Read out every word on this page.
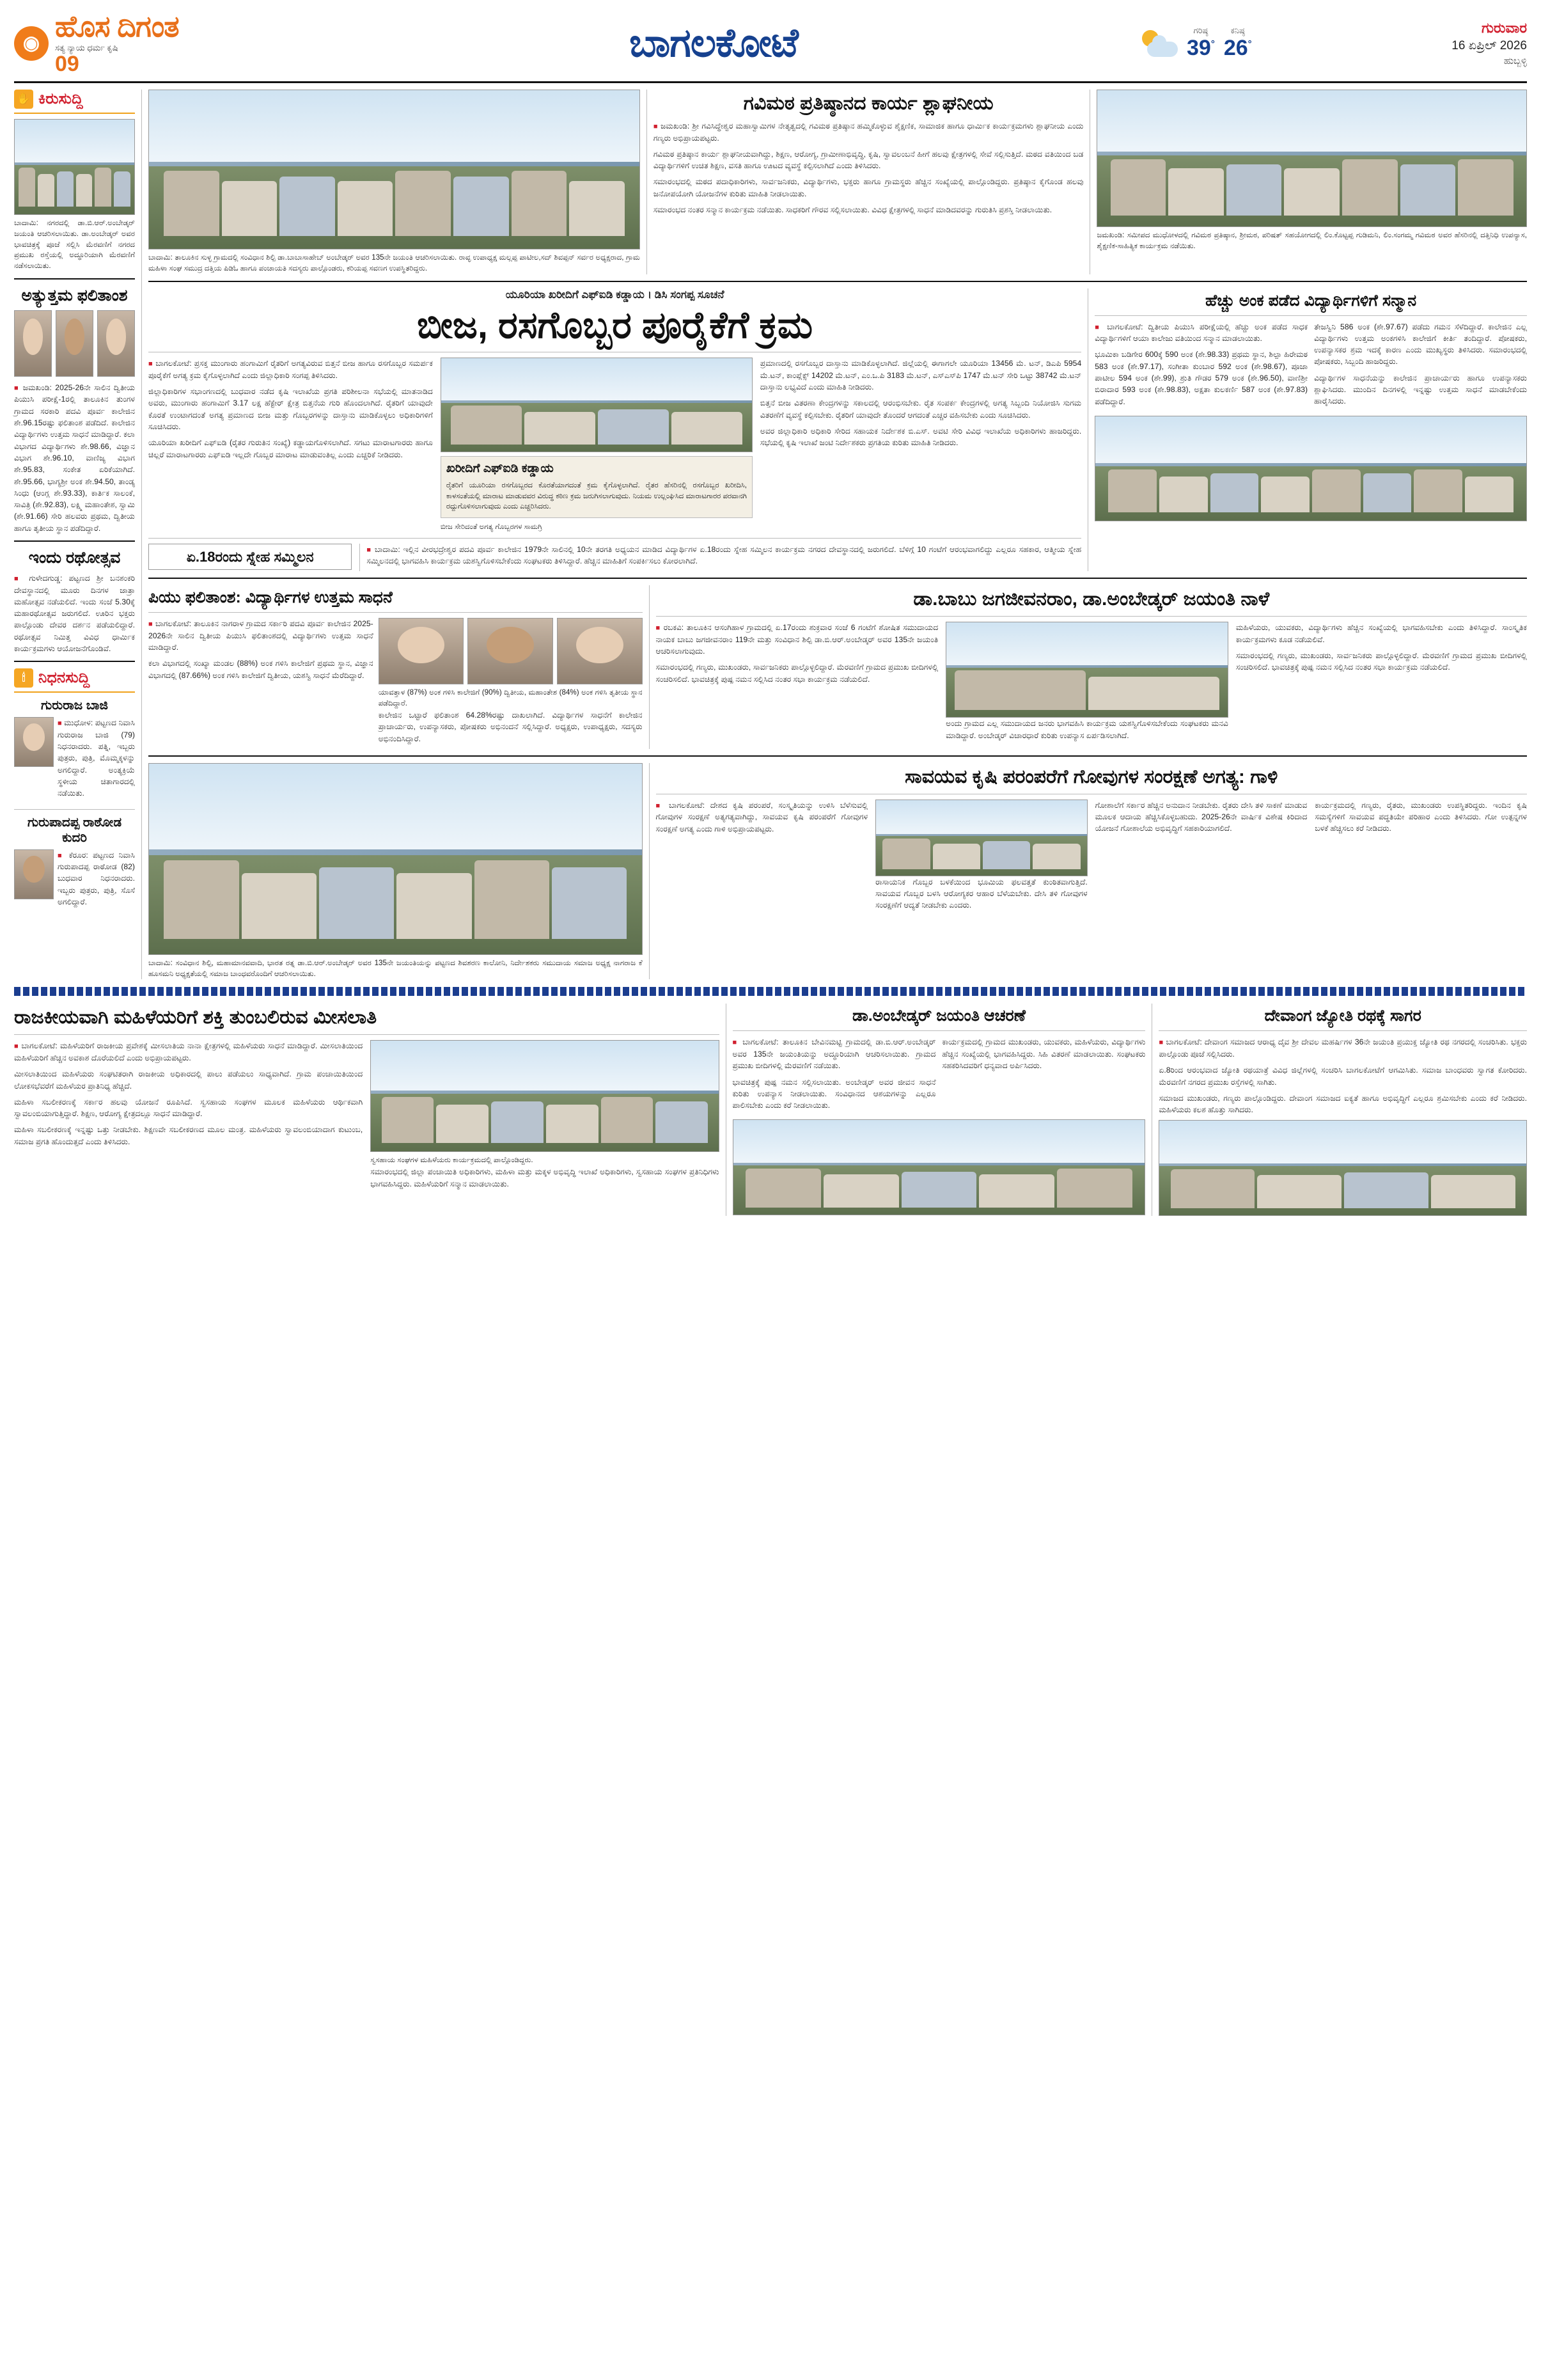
◉
ಹೊಸ ದಿಗಂತ
ಸತ್ಯ ನ್ಯಾಯ ಧರ್ಮ ಕೃಷಿ
09	ಬಾಗಲಕೋಟೆ	ಗರಿಷ್ಠ
39°
ಕನಿಷ್ಠ
26°
ಗುರುವಾರ
16 ಏಪ್ರಿಲ್ 2026
ಹುಬ್ಬಳ್ಳಿ
✋ ಕಿರುಸುದ್ದಿ
ಬಾದಾಮಿ: ನಗರದಲ್ಲಿ ಡಾ.ಬಿ.ಆರ್.ಅಂಬೇಡ್ಕರ್ ಜಯಂತಿ ಆಚರಿಸಲಾಯಿತು. ಡಾ.ಅಂಬೇಡ್ಕರ್ ಅವರ ಭಾವಚಿತ್ರಕ್ಕೆ ಪೂಜೆ ಸಲ್ಲಿಸಿ ಮೆರವಣಿಗೆ ನಗರದ ಪ್ರಮುಖ ರಸ್ತೆಯಲ್ಲಿ ಅದ್ಧೂರಿಯಾಗಿ ಮೆರವಣಿಗೆ ನಡೆಸಲಾಯಿತು.
ಅತ್ಯುತ್ತಮ ಫಲಿತಾಂಶ

■ ಜಮಖಂಡಿ: 2025-26ನೇ ಸಾಲಿನ ದ್ವಿತೀಯ ಪಿಯುಸಿ ಪರೀಕ್ಷೆ-1ರಲ್ಲಿ ತಾಲೂಕಿನ ತುಂಗಳ ಗ್ರಾಮದ ಸರಕಾರಿ ಪದವಿ ಪೂರ್ವ ಕಾಲೇಜಿನ ಶೇ.96.15ರಷ್ಟು ಫಲಿತಾಂಶ ಪಡೆದಿದೆ. ಕಾಲೇಜಿನ ವಿದ್ಯಾರ್ಥಿಗಳು ಉತ್ತಮ ಸಾಧನೆ ಮಾಡಿದ್ದಾರೆ. ಕಲಾ ವಿಭಾಗದ ವಿದ್ಯಾರ್ಥಿಗಳು ಶೇ.98.66, ವಿಜ್ಞಾನ ವಿಭಾಗ ಶೇ.96.10, ವಾಣಿಜ್ಯ ವಿಭಾಗ ಶೇ.95.83, ಸಂಕೇತ ಏರಿಕೆಯಾಗಿದೆ. ಶೇ.95.66, ಭಾಗ್ಯಶ್ರೀ ಅಂಕ ಶೇ.94.50, ತಾಂಡ್ಯ ಸಿಂಧು (ಆಂಗ್ಲ ಶೇ.93.33), ಕಾರ್ತಿಕ ಸಾಲಂಕೆ, ಸಾವಿತ್ರಿ (ಶೇ.92.83), ಲಕ್ಷ್ಮಿ ಮಹಾಂತೇಶ, ಸ್ವಾಮಿ (ಶೇ.91.66) ಸೇರಿ ಹಲವರು ಪ್ರಥಮ, ದ್ವಿತೀಯ ಹಾಗೂ ತೃತೀಯ ಸ್ಥಾನ ಪಡೆದಿದ್ದಾರೆ.

ಇಂದು ರಥೋತ್ಸವ

■ ಗುಳೇದಗುಡ್ಡ: ಪಟ್ಟಣದ ಶ್ರೀ ಬನಶಂಕರಿ ದೇವಸ್ಥಾನದಲ್ಲಿ ಮೂರು ದಿನಗಳ ಜಾತ್ರಾ ಮಹೋತ್ಸವ ನಡೆಯಲಿದೆ. ಇಂದು ಸಂಜೆ 5.30ಕ್ಕೆ ಮಹಾರಥೋತ್ಸವ ಜರುಗಲಿದೆ. ಊರಿನ ಭಕ್ತರು ಪಾಲ್ಗೊಂಡು ದೇವರ ದರ್ಶನ ಪಡೆಯಲಿದ್ದಾರೆ. ರಥೋತ್ಸವ ನಿಮಿತ್ತ ವಿವಿಧ ಧಾರ್ಮಿಕ ಕಾರ್ಯಕ್ರಮಗಳು ಆಯೋಜನೆಗೊಂಡಿವೆ.

🕯 ನಿಧನಸುದ್ದಿ
ಗುರುರಾಜ ಬಾಜಿ

■ ಮುಧೋಳ: ಪಟ್ಟಣದ ನಿವಾಸಿ ಗುರುರಾಜ ಬಾಜಿ (79) ನಿಧನರಾದರು. ಪತ್ನಿ, ಇಬ್ಬರು ಪುತ್ರರು, ಪುತ್ರಿ, ಮೊಮ್ಮಕ್ಕಳನ್ನು ಅಗಲಿದ್ದಾರೆ. ಅಂತ್ಯಕ್ರಿಯೆ ಸ್ಥಳೀಯ ಚಿತಾಗಾರದಲ್ಲಿ ನಡೆಯಿತು.

ಗುರುಪಾದಪ್ಪ ರಾಠೋಡ ಕುದರಿ

■ ಕೆರೂರ: ಪಟ್ಟಣದ ನಿವಾಸಿ ಗುರುಪಾದಪ್ಪ ರಾಠೋಡ (82) ಬುಧವಾರ ನಿಧನರಾದರು. ಇಬ್ಬರು ಪುತ್ರರು, ಪುತ್ರಿ, ಸೊಸೆ ಅಗಲಿದ್ದಾರೆ.

ಬಾದಾಮಿ: ತಾಲೂಕಿನ ಸುಳ್ಳ ಗ್ರಾಮದಲ್ಲಿ ಸಂವಿಧಾನ ಶಿಲ್ಪಿ ಡಾ.ಬಾಬಾಸಾಹೇಬ್ ಅಂಬೇಡ್ಕರ್ ಅವರ 135ನೇ ಜಯಂತಿ ಆಚರಿಸಲಾಯಿತು. ರಾವ್ಳ ಉಪಾಧ್ಯಕ್ಷ ಮಲ್ಲಪ್ಪ ಪಾಟೀಲ,ಸದ್ ಶಿವಪ್ಪನ್ ಸರ್ವರ ಅಧ್ಯಕ್ಷರಾದ, ಗ್ರಾಮ ಮಹಿಳಾ ಸಂಘ ಸಮುದ್ರ ದತ್ತಿಯ ಪಿಡಿಓ ಹಾಗೂ ಪಂಚಾಯತಿ ಸದಸ್ಯರು ಪಾಲ್ಗೊಂಡರು, ಕರಿಯಪ್ಪ ಸವಣಗ ಉಪಸ್ಥಿತರಿದ್ದರು.
ಗವಿಮಠ ಪ್ರತಿಷ್ಠಾನದ ಕಾರ್ಯ ಶ್ಲಾಘನೀಯ

■ ಜಮಖಂಡಿ: ಶ್ರೀ ಗವಿಸಿದ್ಧೇಶ್ವರ ಮಹಾಸ್ವಾಮಿಗಳ ನೇತೃತ್ವದಲ್ಲಿ ಗವಿಮಠ ಪ್ರತಿಷ್ಠಾನ ಹಮ್ಮಿಕೊಳ್ಳುವ ಶೈಕ್ಷಣಿಕ, ಸಾಮಾಜಿಕ ಹಾಗೂ ಧಾರ್ಮಿಕ ಕಾರ್ಯಕ್ರಮಗಳು ಶ್ಲಾಘನೀಯ ಎಂದು ಗಣ್ಯರು ಅಭಿಪ್ರಾಯಪಟ್ಟರು.

ಗವಿಮಠ ಪ್ರತಿಷ್ಠಾನ ಕಾರ್ಯ ಶ್ಲಾಘನೀಯವಾಗಿದ್ದು, ಶಿಕ್ಷಣ, ಆರೋಗ್ಯ, ಗ್ರಾಮೀಣಾಭಿವೃದ್ಧಿ, ಕೃಷಿ, ಸ್ವಾವಲಂಬನೆ ಹೀಗೆ ಹಲವು ಕ್ಷೇತ್ರಗಳಲ್ಲಿ ಸೇವೆ ಸಲ್ಲಿಸುತ್ತಿದೆ. ಮಠದ ವತಿಯಿಂದ ಬಡ ವಿದ್ಯಾರ್ಥಿಗಳಿಗೆ ಉಚಿತ ಶಿಕ್ಷಣ, ವಸತಿ ಹಾಗೂ ಊಟದ ವ್ಯವಸ್ಥೆ ಕಲ್ಪಿಸಲಾಗಿದೆ ಎಂದು ತಿಳಿಸಿದರು.

ಸಮಾರಂಭದಲ್ಲಿ ಮಠದ ಪದಾಧಿಕಾರಿಗಳು, ಸಾರ್ವಜನಿಕರು, ವಿದ್ಯಾರ್ಥಿಗಳು, ಭಕ್ತರು ಹಾಗೂ ಗ್ರಾಮಸ್ಥರು ಹೆಚ್ಚಿನ ಸಂಖ್ಯೆಯಲ್ಲಿ ಪಾಲ್ಗೊಂಡಿದ್ದರು. ಪ್ರತಿಷ್ಠಾನ ಕೈಗೊಂಡ ಹಲವು ಜನೋಪಯೋಗಿ ಯೋಜನೆಗಳ ಕುರಿತು ಮಾಹಿತಿ ನೀಡಲಾಯಿತು.

ಸಮಾರಂಭದ ನಂತರ ಸನ್ಮಾನ ಕಾರ್ಯಕ್ರಮ ನಡೆಯಿತು. ಸಾಧಕರಿಗೆ ಗೌರವ ಸಲ್ಲಿಸಲಾಯಿತು. ವಿವಿಧ ಕ್ಷೇತ್ರಗಳಲ್ಲಿ ಸಾಧನೆ ಮಾಡಿದವರನ್ನು ಗುರುತಿಸಿ ಪ್ರಶಸ್ತಿ ನೀಡಲಾಯಿತು.

ಜಮಖಂಡಿ: ಸಮೀಪದ ಮುಧೋಳದಲ್ಲಿ ಗವಿಮಠ ಪ್ರತಿಷ್ಠಾನ, ಶ್ರೀಮಠ, ಪರಿಷತ್ ಸಹಯೋಗದಲ್ಲಿ ಲಿಂ.ಕೊಟ್ಟಪ್ಪ ಗುಡಿಮನಿ, ಲಿಂ.ಸಂಗಮ್ಮ ಗವಿಮಠ ಅವರ ಹೆಸರಿನಲ್ಲಿ ದತ್ತಿನಿಧಿ ಉಪನ್ಯಾಸ, ಶೈಕ್ಷಣಿಕ-ಸಾಹಿತ್ಯಿಕ ಕಾರ್ಯಕ್ರಮ ನಡೆಯಿತು.
ಯೂರಿಯಾ ಖರೀದಿಗೆ ಎಫ್‌ಐಡಿ ಕಡ್ಡಾಯ । ಡಿಸಿ ಸಂಗಪ್ಪ ಸೂಚನೆ
ಬೀಜ, ರಸಗೊಬ್ಬರ ಪೂರೈಕೆಗೆ ಕ್ರಮ

■ ಬಾಗಲಕೋಟೆ: ಪ್ರಸಕ್ತ ಮುಂಗಾರು ಹಂಗಾಮಿಗೆ ರೈತರಿಗೆ ಅಗತ್ಯವಿರುವ ಬಿತ್ತನೆ ಬೀಜ ಹಾಗೂ ರಸಗೊಬ್ಬರ ಸಮರ್ಪಕ ಪೂರೈಕೆಗೆ ಅಗತ್ಯ ಕ್ರಮ ಕೈಗೊಳ್ಳಲಾಗಿದೆ ಎಂದು ಜಿಲ್ಲಾಧಿಕಾರಿ ಸಂಗಪ್ಪ ತಿಳಿಸಿದರು.

ಜಿಲ್ಲಾಧಿಕಾರಿಗಳ ಸಭಾಂಗಣದಲ್ಲಿ ಬುಧವಾರ ನಡೆದ ಕೃಷಿ ಇಲಾಖೆಯ ಪ್ರಗತಿ ಪರಿಶೀಲನಾ ಸಭೆಯಲ್ಲಿ ಮಾತನಾಡಿದ ಅವರು, ಮುಂಗಾರು ಹಂಗಾಮಿಗೆ 3.17 ಲಕ್ಷ ಹೆಕ್ಟೇರ್ ಕ್ಷೇತ್ರ ಬಿತ್ತನೆಯ ಗುರಿ ಹೊಂದಲಾಗಿದೆ. ರೈತರಿಗೆ ಯಾವುದೇ ಕೊರತೆ ಉಂಟಾಗದಂತೆ ಅಗತ್ಯ ಪ್ರಮಾಣದ ಬೀಜ ಮತ್ತು ಗೊಬ್ಬರಗಳನ್ನು ದಾಸ್ತಾನು ಮಾಡಿಕೊಳ್ಳಲು ಅಧಿಕಾರಿಗಳಿಗೆ ಸೂಚಿಸಿದರು.

ಯೂರಿಯಾ ಖರೀದಿಗೆ ಎಫ್‌ಐಡಿ (ರೈತರ ಗುರುತಿನ ಸಂಖ್ಯೆ) ಕಡ್ಡಾಯಗೊಳಿಸಲಾಗಿದೆ. ಸಗಟು ಮಾರಾಟಗಾರರು ಹಾಗೂ ಚಿಲ್ಲರೆ ಮಾರಾಟಗಾರರು ಎಫ್‌ಐಡಿ ಇಲ್ಲದೇ ಗೊಬ್ಬರ ಮಾರಾಟ ಮಾಡುವಂತಿಲ್ಲ ಎಂದು ಎಚ್ಚರಿಕೆ ನೀಡಿದರು.

ಖರೀದಿಗೆ ಎಫ್‌ಐಡಿ ಕಡ್ಡಾಯ

ರೈತರಿಗೆ ಯೂರಿಯಾ ರಸಗೊಬ್ಬರದ ಕೊರತೆಯಾಗದಂತೆ ಕ್ರಮ ಕೈಗೊಳ್ಳಲಾಗಿದೆ. ರೈತರ ಹೆಸರಿನಲ್ಲಿ ರಸಗೊಬ್ಬರ ಖರೀದಿಸಿ, ಕಾಳಸಂತೆಯಲ್ಲಿ ಮಾರಾಟ ಮಾಡುವವರ ವಿರುದ್ಧ ಕಠಿಣ ಕ್ರಮ ಜರುಗಿಸಲಾಗುವುದು. ನಿಯಮ ಉಲ್ಲಂಘಿಸಿದ ಮಾರಾಟಗಾರರ ಪರವಾನಗಿ ರದ್ದುಗೊಳಿಸಲಾಗುವುದು ಎಂದು ಎಚ್ಚರಿಸಿದರು.

ಬೀಜ ಸೇರಿದಂತೆ ಅಗತ್ಯ ಗೊಬ್ಬರಗಳ ಸಾಮಗ್ರಿ

ಪ್ರಮಾಣದಲ್ಲಿ ರಸಗೊಬ್ಬರ ದಾಸ್ತಾನು ಮಾಡಿಕೊಳ್ಳಲಾಗಿದೆ. ಜಿಲ್ಲೆಯಲ್ಲಿ ಈಗಾಗಲೇ ಯೂರಿಯಾ 13456 ಮೆ. ಟನ್, ಡಿಎಪಿ 5954 ಮೆ.ಟನ್, ಕಾಂಪ್ಲೆಕ್ಸ್ 14202 ಮೆ.ಟನ್, ಎಂ.ಒ.ಪಿ 3183 ಮೆ.ಟನ್, ಎಸ್‌ಎಸ್‌ಪಿ 1747 ಮೆ.ಟನ್ ಸೇರಿ ಒಟ್ಟು 38742 ಮೆ.ಟನ್ ದಾಸ್ತಾನು ಲಭ್ಯವಿದೆ ಎಂದು ಮಾಹಿತಿ ನೀಡಿದರು.

ಬಿತ್ತನೆ ಬೀಜ ವಿತರಣಾ ಕೇಂದ್ರಗಳನ್ನು ಸಕಾಲದಲ್ಲಿ ಆರಂಭಿಸಬೇಕು. ರೈತ ಸಂಪರ್ಕ ಕೇಂದ್ರಗಳಲ್ಲಿ ಅಗತ್ಯ ಸಿಬ್ಬಂದಿ ನಿಯೋಜಿಸಿ ಸುಗಮ ವಿತರಣೆಗೆ ವ್ಯವಸ್ಥೆ ಕಲ್ಪಿಸಬೇಕು. ರೈತರಿಗೆ ಯಾವುದೇ ತೊಂದರೆ ಆಗದಂತೆ ಎಚ್ಚರ ವಹಿಸಬೇಕು ಎಂದು ಸೂಚಿಸಿದರು.

ಅವರ ಜಿಲ್ಲಾಧಿಕಾರಿ ಅಧಿಕಾರಿ ಸೇರಿದ ಸಹಾಯಕ ನಿರ್ದೇಶಕ ಬಿ.ಎಸ್. ಅವಟಿ ಸೇರಿ ವಿವಿಧ ಇಲಾಖೆಯ ಅಧಿಕಾರಿಗಳು ಹಾಜರಿದ್ದರು. ಸಭೆಯಲ್ಲಿ ಕೃಷಿ ಇಲಾಖೆ ಜಂಟಿ ನಿರ್ದೇಶಕರು ಪ್ರಗತಿಯ ಕುರಿತು ಮಾಹಿತಿ ನೀಡಿದರು.

ಏ.18ರಂದು ಸ್ನೇಹ ಸಮ್ಮಿಲನ	■ ಬಾದಾಮಿ: ಇಲ್ಲಿನ ವೀರಭದ್ರೇಶ್ವರ ಪದವಿ ಪೂರ್ವ ಕಾಲೇಜಿನ 1979ನೇ ಸಾಲಿನಲ್ಲಿ 10ನೇ ತರಗತಿ ಅಧ್ಯಯನ ಮಾಡಿದ ವಿದ್ಯಾರ್ಥಿಗಳ ಏ.18ರಂದು ಸ್ನೇಹ ಸಮ್ಮಿಲನ ಕಾರ್ಯಕ್ರಮ ನಗರದ ದೇವಸ್ಥಾನದಲ್ಲಿ ಜರುಗಲಿದೆ. ಬೆಳಿಗ್ಗೆ 10 ಗಂಟೆಗೆ ಆರಂಭವಾಗಲಿದ್ದು ಎಲ್ಲರೂ ಸಹಕಾರ, ಆತ್ಮೀಯ ಸ್ನೇಹ ಸಮ್ಮಿಲನದಲ್ಲಿ ಭಾಗವಹಿಸಿ ಕಾರ್ಯಕ್ರಮ ಯಶಸ್ವಿಗೊಳಿಸಬೇಕೆಂದು ಸಂಘಟಕರು ತಿಳಿಸಿದ್ದಾರೆ. ಹೆಚ್ಚಿನ ಮಾಹಿತಿಗೆ ಸಂಪರ್ಕಿಸಲು ಕೋರಲಾಗಿದೆ.

ಹೆಚ್ಚು ಅಂಕ ಪಡೆದ ವಿದ್ಯಾರ್ಥಿಗಳಿಗೆ ಸನ್ಮಾನ

■ ಬಾಗಲಕೋಟೆ: ದ್ವಿತೀಯ ಪಿಯುಸಿ ಪರೀಕ್ಷೆಯಲ್ಲಿ ಹೆಚ್ಚು ಅಂಕ ಪಡೆದ ಸಾಧಕ ವಿದ್ಯಾರ್ಥಿಗಳಿಗೆ ಆಯಾ ಕಾಲೇಜು ವತಿಯಿಂದ ಸನ್ಮಾನ ಮಾಡಲಾಯಿತು.

ಭೂಮಿಕಾ ಬಡಿಗೇರ 600ಕ್ಕೆ 590 ಅಂಕ (ಶೇ.98.33) ಪ್ರಥಮ ಸ್ಥಾನ, ಶಿಲ್ಪಾ ಹಿರೇಮಠ 583 ಅಂಕ (ಶೇ.97.17), ಸಂಗೀತಾ ಕುಂಬಾರ 592 ಅಂಕ (ಶೇ.98.67), ಪೂಜಾ ಪಾಟೀಲ 594 ಅಂಕ (ಶೇ.99), ಶ್ರುತಿ ಗೌಡರ 579 ಅಂಕ (ಶೇ.96.50), ವಾಣಿಶ್ರೀ ಬಿರಾದಾರ 593 ಅಂಕ (ಶೇ.98.83), ಅಕ್ಷತಾ ಕುಲಕರ್ಣಿ 587 ಅಂಕ (ಶೇ.97.83) ಪಡೆದಿದ್ದಾರೆ.

ತೇಜಸ್ವಿನಿ 586 ಅಂಕ (ಶೇ.97.67) ಪಡೆದು ಗಮನ ಸೆಳೆದಿದ್ದಾರೆ. ಕಾಲೇಜಿನ ಎಲ್ಲ ವಿದ್ಯಾರ್ಥಿಗಳು ಉತ್ತಮ ಅಂಕಗಳಿಸಿ ಕಾಲೇಜಿಗೆ ಕೀರ್ತಿ ತಂದಿದ್ದಾರೆ. ಪೋಷಕರು, ಉಪನ್ಯಾಸಕರ ಶ್ರಮ ಇದಕ್ಕೆ ಕಾರಣ ಎಂದು ಮುಖ್ಯಸ್ಥರು ತಿಳಿಸಿದರು. ಸಮಾರಂಭದಲ್ಲಿ ಪೋಷಕರು, ಸಿಬ್ಬಂದಿ ಹಾಜರಿದ್ದರು.

ವಿದ್ಯಾರ್ಥಿಗಳ ಸಾಧನೆಯನ್ನು ಕಾಲೇಜಿನ ಪ್ರಾಚಾರ್ಯರು ಹಾಗೂ ಉಪನ್ಯಾಸಕರು ಶ್ಲಾಘಿಸಿದರು. ಮುಂದಿನ ದಿನಗಳಲ್ಲಿ ಇನ್ನಷ್ಟು ಉತ್ತಮ ಸಾಧನೆ ಮಾಡಬೇಕೆಂದು ಹಾರೈಸಿದರು.

ಪಿಯು ಫಲಿತಾಂಶ: ವಿದ್ಯಾರ್ಥಿಗಳ ಉತ್ತಮ ಸಾಧನೆ

■ ಬಾಗಲಕೋಟೆ: ತಾಲೂಕಿನ ನಾಗರಾಳ ಗ್ರಾಮದ ಸರ್ಕಾರಿ ಪದವಿ ಪೂರ್ವ ಕಾಲೇಜಿನ 2025-2026ನೇ ಸಾಲಿನ ದ್ವಿತೀಯ ಪಿಯುಸಿ ಫಲಿತಾಂಶದಲ್ಲಿ ವಿದ್ಯಾರ್ಥಿಗಳು ಉತ್ತಮ ಸಾಧನೆ ಮಾಡಿದ್ದಾರೆ.

ಕಲಾ ವಿಭಾಗದಲ್ಲಿ ಸಂಖ್ಯಾ ಮಂಡಲ (88%) ಅಂಕ ಗಳಿಸಿ ಕಾಲೇಜಿಗೆ ಪ್ರಥಮ ಸ್ಥಾನ, ವಿಜ್ಞಾನ ವಿಭಾಗದಲ್ಲಿ (87.66%) ಅಂಕ ಗಳಿಸಿ ಕಾಲೇಜಿಗೆ ದ್ವಿತೀಯ, ಯಶಸ್ವಿ ಸಾಧನೆ ಮೆರೆದಿದ್ದಾರೆ.

ಯಾವತ್ತಾಳ (87%) ಅಂಕ ಗಳಿಸಿ ಕಾಲೇಜಿಗೆ (90%) ದ್ವಿತೀಯ, ಮಹಾಂತೇಶ (84%) ಅಂಕ ಗಳಿಸಿ ತೃತೀಯ ಸ್ಥಾನ ಪಡೆದಿದ್ದಾರೆ.

ಕಾಲೇಜಿನ ಒಟ್ಟಾರೆ ಫಲಿತಾಂಶ 64.28%ರಷ್ಟು ದಾಖಲಾಗಿದೆ. ವಿದ್ಯಾರ್ಥಿಗಳ ಸಾಧನೆಗೆ ಕಾಲೇಜಿನ ಪ್ರಾಚಾರ್ಯರು, ಉಪನ್ಯಾಸಕರು, ಪೋಷಕರು ಅಭಿನಂದನೆ ಸಲ್ಲಿಸಿದ್ದಾರೆ. ಅಧ್ಯಕ್ಷರು, ಉಪಾಧ್ಯಕ್ಷರು, ಸದಸ್ಯರು ಅಭಿನಂದಿಸಿದ್ದಾರೆ.

ಡಾ.ಬಾಬು ಜಗಜೀವನರಾಂ, ಡಾ.ಅಂಬೇಡ್ಕರ್ ಜಯಂತಿ ನಾಳೆ

■ ರಬಕವಿ: ತಾಲೂಕಿನ ಆಸಂಗಿಹಾಳ ಗ್ರಾಮದಲ್ಲಿ ಏ.17ರಂದು ಶುಕ್ರವಾರ ಸಂಜೆ 6 ಗಂಟೆಗೆ ಶೋಷಿತ ಸಮುದಾಯದ ನಾಯಕ ಬಾಬು ಜಗಜೀವನರಾಂ 119ನೇ ಮತ್ತು ಸಂವಿಧಾನ ಶಿಲ್ಪಿ ಡಾ.ಬಿ.ಆರ್.ಅಂಬೇಡ್ಕರ್ ಅವರ 135ನೇ ಜಯಂತಿ ಆಚರಿಸಲಾಗುವುದು.

ಸಮಾರಂಭದಲ್ಲಿ ಗಣ್ಯರು, ಮುಖಂಡರು, ಸಾರ್ವಜನಿಕರು ಪಾಲ್ಗೊಳ್ಳಲಿದ್ದಾರೆ. ಮೆರವಣಿಗೆ ಗ್ರಾಮದ ಪ್ರಮುಖ ಬೀದಿಗಳಲ್ಲಿ ಸಂಚರಿಸಲಿದೆ. ಭಾವಚಿತ್ರಕ್ಕೆ ಪುಷ್ಪ ನಮನ ಸಲ್ಲಿಸಿದ ನಂತರ ಸಭಾ ಕಾರ್ಯಕ್ರಮ ನಡೆಯಲಿದೆ.

ಅಂದು ಗ್ರಾಮದ ಎಲ್ಲ ಸಮುದಾಯದ ಜನರು ಭಾಗವಹಿಸಿ ಕಾರ್ಯಕ್ರಮ ಯಶಸ್ವಿಗೊಳಿಸಬೇಕೆಂದು ಸಂಘಟಕರು ಮನವಿ ಮಾಡಿದ್ದಾರೆ. ಅಂಬೇಡ್ಕರ್ ವಿಚಾರಧಾರೆ ಕುರಿತು ಉಪನ್ಯಾಸ ಏರ್ಪಡಿಸಲಾಗಿದೆ.

ಮಹಿಳೆಯರು, ಯುವಕರು, ವಿದ್ಯಾರ್ಥಿಗಳು ಹೆಚ್ಚಿನ ಸಂಖ್ಯೆಯಲ್ಲಿ ಭಾಗವಹಿಸಬೇಕು ಎಂದು ತಿಳಿಸಿದ್ದಾರೆ. ಸಾಂಸ್ಕೃತಿಕ ಕಾರ್ಯಕ್ರಮಗಳು ಕೂಡ ನಡೆಯಲಿವೆ.

ಸಮಾರಂಭದಲ್ಲಿ ಗಣ್ಯರು, ಮುಖಂಡರು, ಸಾರ್ವಜನಿಕರು ಪಾಲ್ಗೊಳ್ಳಲಿದ್ದಾರೆ. ಮೆರವಣಿಗೆ ಗ್ರಾಮದ ಪ್ರಮುಖ ಬೀದಿಗಳಲ್ಲಿ ಸಂಚರಿಸಲಿದೆ. ಭಾವಚಿತ್ರಕ್ಕೆ ಪುಷ್ಪ ನಮನ ಸಲ್ಲಿಸಿದ ನಂತರ ಸಭಾ ಕಾರ್ಯಕ್ರಮ ನಡೆಯಲಿದೆ.

ಬಾದಾಮಿ: ಸಂವಿಧಾನ ಶಿಲ್ಪಿ, ಮಹಾಮಾನವವಾದಿ, ಭಾರತ ರತ್ನ ಡಾ.ಬಿ.ಆರ್.ಅಂಬೇಡ್ಕರ್ ಅವರ 135ನೇ ಜಯಂತಿಯನ್ನು ಪಟ್ಟಣದ ಶಿವಶರಣ ಕಾಲೋನಿ, ನಿರ್ದೇಶಕರು ಸಮುದಾಯ ಸಮಾಜ ಅಧ್ಯಕ್ಷ ನಾಗರಾಜ ಕೆ ಹೂಸಮನಿ ಅಧ್ಯಕ್ಷತೆಯಲ್ಲಿ ಸಮಾಜ ಬಾಂಧವರೊಂದಿಗೆ ಆಚರಿಸಲಾಯಿತು.
ಸಾವಯವ ಕೃಷಿ ಪರಂಪರೆಗೆ ಗೋವುಗಳ ಸಂರಕ್ಷಣೆ ಅಗತ್ಯ: ಗಾಳಿ

■ ಬಾಗಲಕೋಟೆ: ದೇಶದ ಕೃಷಿ ಪರಂಪರೆ, ಸಂಸ್ಕೃತಿಯನ್ನು ಉಳಿಸಿ ಬೆಳೆಸುವಲ್ಲಿ ಗೋವುಗಳ ಸಂರಕ್ಷಣೆ ಅತ್ಯಗತ್ಯವಾಗಿದ್ದು, ಸಾವಯವ ಕೃಷಿ ಪರಂಪರೆಗೆ ಗೋವುಗಳ ಸಂರಕ್ಷಣೆ ಅಗತ್ಯ ಎಂದು ಗಾಳಿ ಅಭಿಪ್ರಾಯಪಟ್ಟರು.

ರಾಸಾಯನಿಕ ಗೊಬ್ಬರ ಬಳಕೆಯಿಂದ ಭೂಮಿಯ ಫಲವತ್ತತೆ ಕುಂಠಿತವಾಗುತ್ತಿದೆ. ಸಾವಯವ ಗೊಬ್ಬರ ಬಳಸಿ ಆರೋಗ್ಯಕರ ಆಹಾರ ಬೆಳೆಯಬೇಕು. ದೇಸಿ ತಳಿ ಗೋವುಗಳ ಸಂರಕ್ಷಣೆಗೆ ಆದ್ಯತೆ ನೀಡಬೇಕು ಎಂದರು.

ಗೋಶಾಲೆಗೆ ಸರ್ಕಾರ ಹೆಚ್ಚಿನ ಅನುದಾನ ನೀಡಬೇಕು. ರೈತರು ದೇಸಿ ತಳಿ ಸಾಕಣೆ ಮಾಡುವ ಮೂಲಕ ಆದಾಯ ಹೆಚ್ಚಿಸಿಕೊಳ್ಳಬಹುದು. 2025-26ನೇ ವಾರ್ಷಿಕ ವಿಶೇಷ ಕಿರಿದಾದ ಯೋಜನೆ ಗೋಶಾಲೆಯ ಅಭಿವೃದ್ಧಿಗೆ ಸಹಕಾರಿಯಾಗಲಿದೆ.

ಕಾರ್ಯಕ್ರಮದಲ್ಲಿ ಗಣ್ಯರು, ರೈತರು, ಮುಖಂಡರು ಉಪಸ್ಥಿತರಿದ್ದರು. ಇಂದಿನ ಕೃಷಿ ಸಮಸ್ಯೆಗಳಿಗೆ ಸಾವಯವ ಪದ್ಧತಿಯೇ ಪರಿಹಾರ ಎಂದು ತಿಳಿಸಿದರು. ಗೋ ಉತ್ಪನ್ನಗಳ ಬಳಕೆ ಹೆಚ್ಚಿಸಲು ಕರೆ ನೀಡಿದರು.

ರಾಜಕೀಯವಾಗಿ ಮಹಿಳೆಯರಿಗೆ ಶಕ್ತಿ ತುಂಬಲಿರುವ ಮೀಸಲಾತಿ

■ ಬಾಗಲಕೋಟೆ: ಮಹಿಳೆಯರಿಗೆ ರಾಜಕೀಯ ಪ್ರವೇಶಕ್ಕೆ ಮೀಸಲಾತಿಯ ನಾನಾ ಕ್ಷೇತ್ರಗಳಲ್ಲಿ ಮಹಿಳೆಯರು ಸಾಧನೆ ಮಾಡಿದ್ದಾರೆ. ಮೀಸಲಾತಿಯಿಂದ ಮಹಿಳೆಯರಿಗೆ ಹೆಚ್ಚಿನ ಅವಕಾಶ ದೊರೆಯಲಿದೆ ಎಂದು ಅಭಿಪ್ರಾಯಪಟ್ಟರು.

ಮೀಸಲಾತಿಯಿಂದ ಮಹಿಳೆಯರು ಸಂಘಟಿತರಾಗಿ ರಾಜಕೀಯ ಅಧಿಕಾರದಲ್ಲಿ ಪಾಲು ಪಡೆಯಲು ಸಾಧ್ಯವಾಗಿದೆ. ಗ್ರಾಮ ಪಂಚಾಯಿತಿಯಿಂದ ಲೋಕಸಭೆವರೆಗೆ ಮಹಿಳೆಯರ ಪ್ರಾತಿನಿಧ್ಯ ಹೆಚ್ಚಿದೆ.

ಮಹಿಳಾ ಸಬಲೀಕರಣಕ್ಕೆ ಸರ್ಕಾರ ಹಲವು ಯೋಜನೆ ರೂಪಿಸಿದೆ. ಸ್ವಸಹಾಯ ಸಂಘಗಳ ಮೂಲಕ ಮಹಿಳೆಯರು ಆರ್ಥಿಕವಾಗಿ ಸ್ವಾವಲಂಬಿಯಾಗುತ್ತಿದ್ದಾರೆ. ಶಿಕ್ಷಣ, ಆರೋಗ್ಯ ಕ್ಷೇತ್ರದಲ್ಲೂ ಸಾಧನೆ ಮಾಡಿದ್ದಾರೆ.

ಮಹಿಳಾ ಸಬಲೀಕರಣಕ್ಕೆ ಇನ್ನಷ್ಟು ಒತ್ತು ನೀಡಬೇಕು. ಶಿಕ್ಷಣವೇ ಸಬಲೀಕರಣದ ಮೂಲ ಮಂತ್ರ. ಮಹಿಳೆಯರು ಸ್ವಾವಲಂಬಿಯಾದಾಗ ಕುಟುಂಬ, ಸಮಾಜ ಪ್ರಗತಿ ಹೊಂದುತ್ತದೆ ಎಂದು ತಿಳಿಸಿದರು.

ಸ್ವಸಹಾಯ ಸಂಘಗಳ ಮಹಿಳೆಯರು ಕಾರ್ಯಕ್ರಮದಲ್ಲಿ ಪಾಲ್ಗೊಂಡಿದ್ದರು.

ಸಮಾರಂಭದಲ್ಲಿ ಜಿಲ್ಲಾ ಪಂಚಾಯಿತಿ ಅಧಿಕಾರಿಗಳು, ಮಹಿಳಾ ಮತ್ತು ಮಕ್ಕಳ ಅಭಿವೃದ್ಧಿ ಇಲಾಖೆ ಅಧಿಕಾರಿಗಳು, ಸ್ವಸಹಾಯ ಸಂಘಗಳ ಪ್ರತಿನಿಧಿಗಳು ಭಾಗವಹಿಸಿದ್ದರು. ಮಹಿಳೆಯರಿಗೆ ಸನ್ಮಾನ ಮಾಡಲಾಯಿತು.

ಡಾ.ಅಂಬೇಡ್ಕರ್ ಜಯಂತಿ ಆಚರಣೆ

■ ಬಾಗಲಕೋಟೆ: ತಾಲೂಕಿನ ಬೇವಿನಮಟ್ಟಿ ಗ್ರಾಮದಲ್ಲಿ ಡಾ.ಬಿ.ಆರ್.ಅಂಬೇಡ್ಕರ್ ಅವರ 135ನೇ ಜಯಂತಿಯನ್ನು ಅದ್ಧೂರಿಯಾಗಿ ಆಚರಿಸಲಾಯಿತು. ಗ್ರಾಮದ ಪ್ರಮುಖ ಬೀದಿಗಳಲ್ಲಿ ಮೆರವಣಿಗೆ ನಡೆಯಿತು.

ಭಾವಚಿತ್ರಕ್ಕೆ ಪುಷ್ಪ ನಮನ ಸಲ್ಲಿಸಲಾಯಿತು. ಅಂಬೇಡ್ಕರ್ ಅವರ ಜೀವನ ಸಾಧನೆ ಕುರಿತು ಉಪನ್ಯಾಸ ನೀಡಲಾಯಿತು. ಸಂವಿಧಾನದ ಆಶಯಗಳನ್ನು ಎಲ್ಲರೂ ಪಾಲಿಸಬೇಕು ಎಂದು ಕರೆ ನೀಡಲಾಯಿತು.

ಕಾರ್ಯಕ್ರಮದಲ್ಲಿ ಗ್ರಾಮದ ಮುಖಂಡರು, ಯುವಕರು, ಮಹಿಳೆಯರು, ವಿದ್ಯಾರ್ಥಿಗಳು ಹೆಚ್ಚಿನ ಸಂಖ್ಯೆಯಲ್ಲಿ ಭಾಗವಹಿಸಿದ್ದರು. ಸಿಹಿ ವಿತರಣೆ ಮಾಡಲಾಯಿತು. ಸಂಘಟಕರು ಸಹಕರಿಸಿದವರಿಗೆ ಧನ್ಯವಾದ ಅರ್ಪಿಸಿದರು.

ದೇವಾಂಗ ಜ್ಯೋತಿ ರಥಕ್ಕೆ ಸಾಗರ

■ ಬಾಗಲಕೋಟೆ: ದೇವಾಂಗ ಸಮಾಜದ ಆರಾಧ್ಯ ದೈವ ಶ್ರೀ ದೇವಲ ಮಹರ್ಷಿಗಳ 36ನೇ ಜಯಂತಿ ಪ್ರಯುಕ್ತ ಜ್ಯೋತಿ ರಥ ನಗರದಲ್ಲಿ ಸಂಚರಿಸಿತು. ಭಕ್ತರು ಪಾಲ್ಗೊಂಡು ಪೂಜೆ ಸಲ್ಲಿಸಿದರು.

ಏ.8ರಿಂದ ಆರಂಭವಾದ ಜ್ಯೋತಿ ರಥಯಾತ್ರೆ ವಿವಿಧ ಜಿಲ್ಲೆಗಳಲ್ಲಿ ಸಂಚರಿಸಿ ಬಾಗಲಕೋಟೆಗೆ ಆಗಮಿಸಿತು. ಸಮಾಜ ಬಾಂಧವರು ಸ್ವಾಗತ ಕೋರಿದರು. ಮೆರವಣಿಗೆ ನಗರದ ಪ್ರಮುಖ ರಸ್ತೆಗಳಲ್ಲಿ ಸಾಗಿತು.

ಸಮಾಜದ ಮುಖಂಡರು, ಗಣ್ಯರು ಪಾಲ್ಗೊಂಡಿದ್ದರು. ದೇವಾಂಗ ಸಮಾಜದ ಐಕ್ಯತೆ ಹಾಗೂ ಅಭಿವೃದ್ಧಿಗೆ ಎಲ್ಲರೂ ಶ್ರಮಿಸಬೇಕು ಎಂದು ಕರೆ ನೀಡಿದರು. ಮಹಿಳೆಯರು ಕಲಶ ಹೊತ್ತು ಸಾಗಿದರು.
